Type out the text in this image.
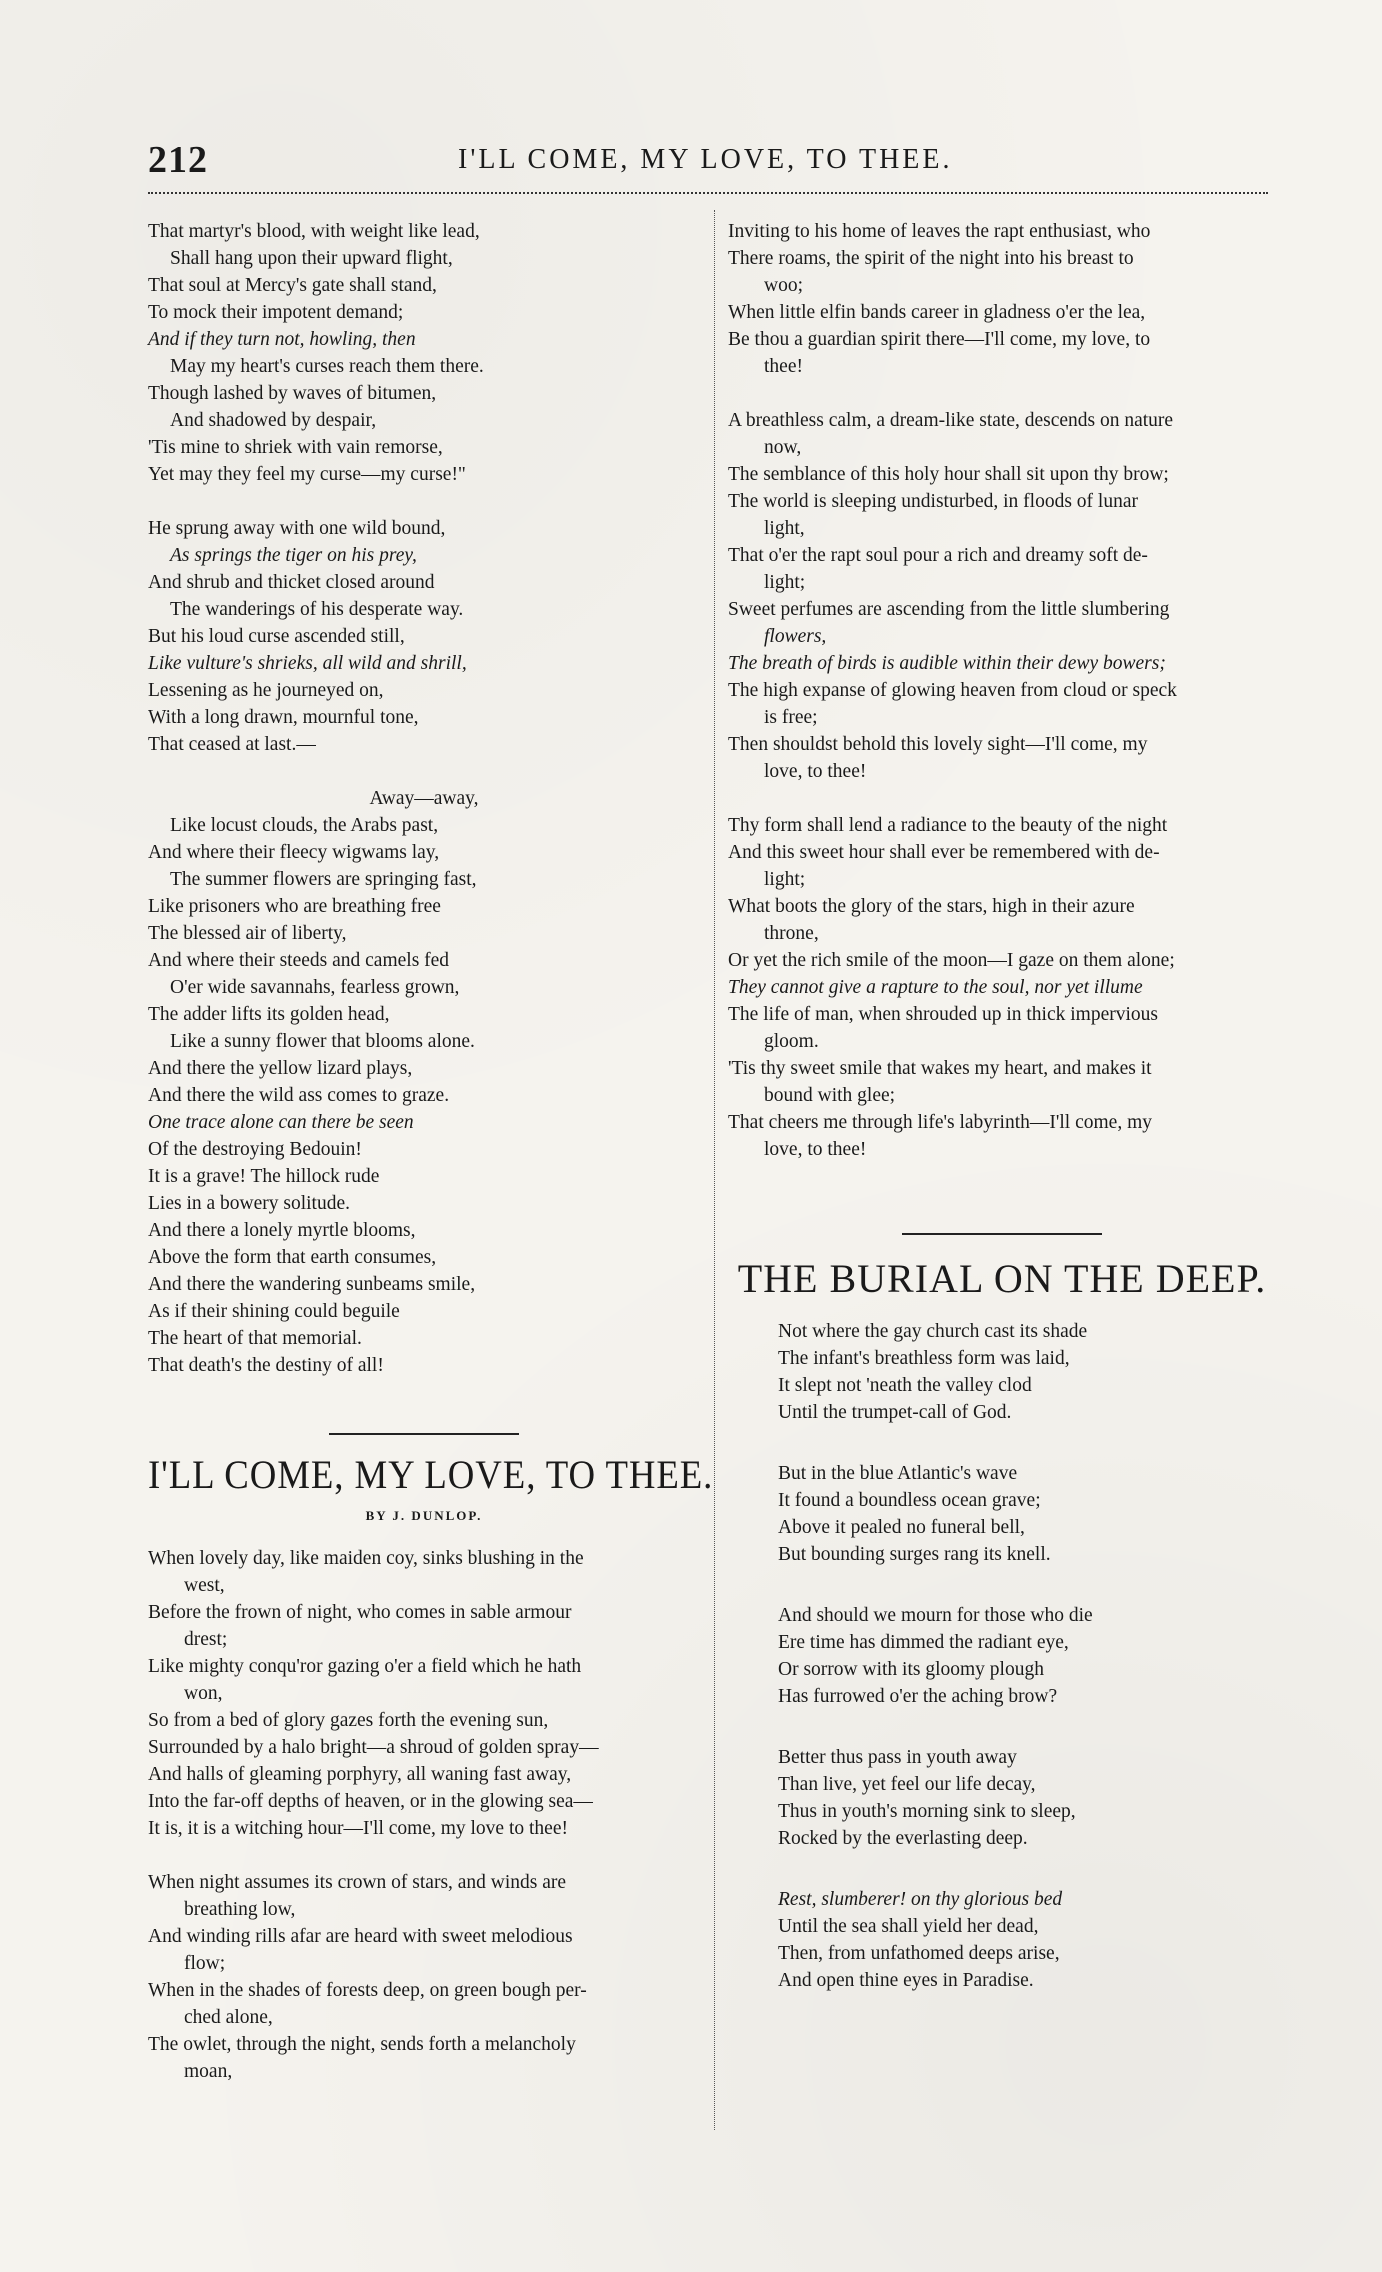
212	I'LL COME, MY LOVE, TO THEE.
That martyr's blood, with weight like lead,
Shall hang upon their upward flight,
That soul at Mercy's gate shall stand,
To mock their impotent demand;
And if they turn not, howling, then
May my heart's curses reach them there.
Though lashed by waves of bitumen,
And shadowed by despair,
'Tis mine to shriek with vain remorse,
Yet may they feel my curse—my curse!"
He sprung away with one wild bound,
As springs the tiger on his prey,
And shrub and thicket closed around
The wanderings of his desperate way.
But his loud curse ascended still,
Like vulture's shrieks, all wild and shrill,
Lessening as he journeyed on,
With a long drawn, mournful tone,
That ceased at last.—
Away—away,
Like locust clouds, the Arabs past,
And where their fleecy wigwams lay,
The summer flowers are springing fast,
Like prisoners who are breathing free
The blessed air of liberty,
And where their steeds and camels fed
O'er wide savannahs, fearless grown,
The adder lifts its golden head,
Like a sunny flower that blooms alone.
And there the yellow lizard plays,
And there the wild ass comes to graze.
One trace alone can there be seen
Of the destroying Bedouin!
It is a grave! The hillock rude
Lies in a bowery solitude.
And there a lonely myrtle blooms,
Above the form that earth consumes,
And there the wandering sunbeams smile,
As if their shining could beguile
The heart of that memorial.
That death's the destiny of all!
I'LL COME, MY LOVE, TO THEE.
BY J. DUNLOP.
When lovely day, like maiden coy, sinks blushing in the
west,
Before the frown of night, who comes in sable armour
drest;
Like mighty conqu'ror gazing o'er a field which he hath
won,
So from a bed of glory gazes forth the evening sun,
Surrounded by a halo bright—a shroud of golden spray—
And halls of gleaming porphyry, all waning fast away,
Into the far-off depths of heaven, or in the glowing sea—
It is, it is a witching hour—I'll come, my love to thee!
When night assumes its crown of stars, and winds are
breathing low,
And winding rills afar are heard with sweet melodious
flow;
When in the shades of forests deep, on green bough per-
ched alone,
The owlet, through the night, sends forth a melancholy
moan,
Inviting to his home of leaves the rapt enthusiast, who
There roams, the spirit of the night into his breast to
woo;
When little elfin bands career in gladness o'er the lea,
Be thou a guardian spirit there—I'll come, my love, to
thee!
A breathless calm, a dream-like state, descends on nature
now,
The semblance of this holy hour shall sit upon thy brow;
The world is sleeping undisturbed, in floods of lunar
light,
That o'er the rapt soul pour a rich and dreamy soft de-
light;
Sweet perfumes are ascending from the little slumbering
flowers,
The breath of birds is audible within their dewy bowers;
The high expanse of glowing heaven from cloud or speck
is free;
Then shouldst behold this lovely sight—I'll come, my
love, to thee!
Thy form shall lend a radiance to the beauty of the night
And this sweet hour shall ever be remembered with de-
light;
What boots the glory of the stars, high in their azure
throne,
Or yet the rich smile of the moon—I gaze on them alone;
They cannot give a rapture to the soul, nor yet illume
The life of man, when shrouded up in thick impervious
gloom.
'Tis thy sweet smile that wakes my heart, and makes it
bound with glee;
That cheers me through life's labyrinth—I'll come, my
love, to thee!
THE BURIAL ON THE DEEP.
Not where the gay church cast its shade
The infant's breathless form was laid,
It slept not 'neath the valley clod
Until the trumpet-call of God.
But in the blue Atlantic's wave
It found a boundless ocean grave;
Above it pealed no funeral bell,
But bounding surges rang its knell.
And should we mourn for those who die
Ere time has dimmed the radiant eye,
Or sorrow with its gloomy plough
Has furrowed o'er the aching brow?
Better thus pass in youth away
Than live, yet feel our life decay,
Thus in youth's morning sink to sleep,
Rocked by the everlasting deep.
Rest, slumberer! on thy glorious bed
Until the sea shall yield her dead,
Then, from unfathomed deeps arise,
And open thine eyes in Paradise.
